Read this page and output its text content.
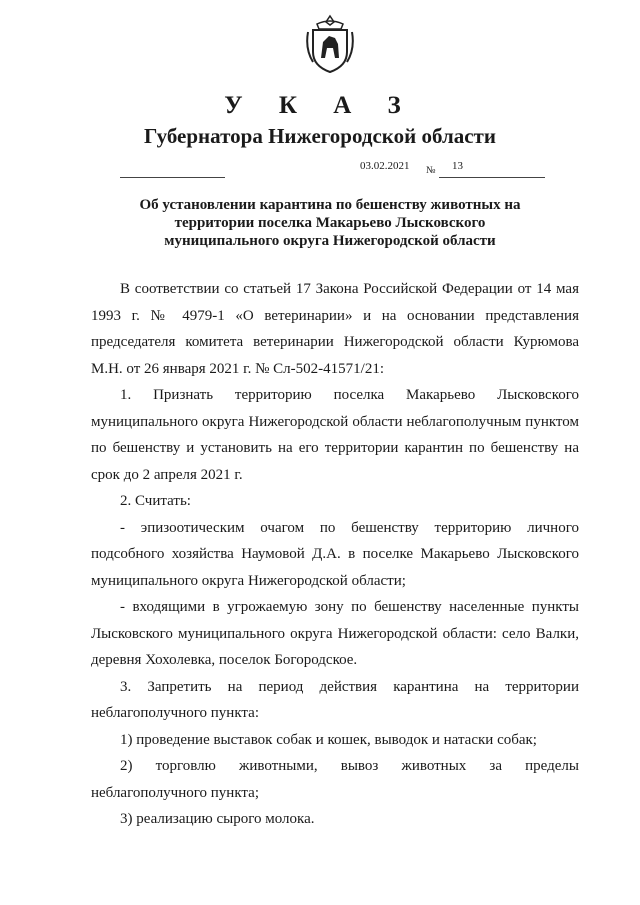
У К А З
Губернатора Нижегородской области
03.02.2021 № 13
Об установлении карантина по бешенству животных на территории поселка Макарьево Лысковского муниципального округа Нижегородской области

В соответствии со статьей 17 Закона Российской Федерации от 14 мая 1993 г. № 4979-1 «О ветеринарии» и на основании представления председателя комитета ветеринарии Нижегородской области Курюмова М.Н. от 26 января 2021 г. № Сл-502-41571/21:

1. Признать территорию поселка Макарьево Лысковского муниципального округа Нижегородской области неблагополучным пунктом по бешенству и установить на его территории карантин по бешенству на срок до 2 апреля 2021 г.

2. Считать:

- эпизоотическим очагом по бешенству территорию личного подсобного хозяйства Наумовой Д.А. в поселке Макарьево Лысковского муниципального округа Нижегородской области;

- входящими в угрожаемую зону по бешенству населенные пункты Лысковского муниципального округа Нижегородской области: село Валки, деревня Хохолевка, поселок Богородское.

3. Запретить на период действия карантина на территории неблагополучного пункта:

1) проведение выставок собак и кошек, выводок и натаски собак;

2) торговлю животными, вывоз животных за пределы неблагополучного пункта;

3) реализацию сырого молока.
